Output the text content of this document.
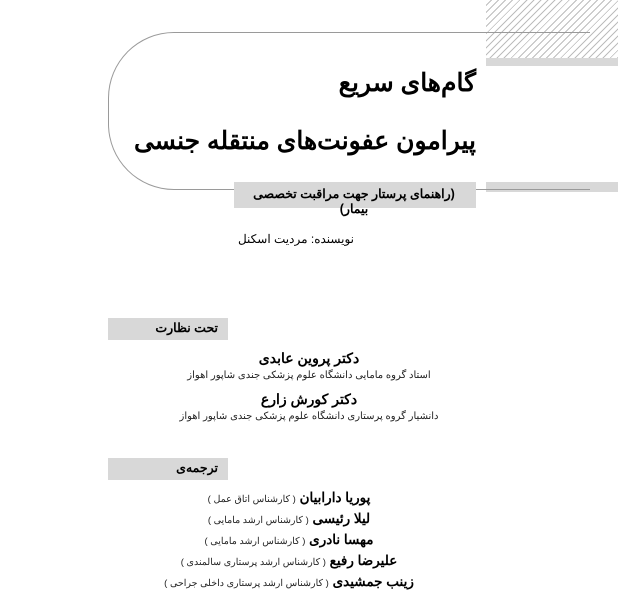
گام‌های سریع
پیرامون عفونت‌های منتقله جنسی
(راهنمای پرستار جهت مراقبت تخصصی بیمار)
نویسنده: مردیت اسکنل
تحت نظارت
دکتر پروین عابدی
استاد گروه مامایی دانشگاه علوم پزشکی جندی شاپور اهواز
دکتر کورش زارع
دانشیار گروه پرستاری دانشگاه علوم پزشکی جندی شاپور اهواز
ترجمه‌ی
پوریا دارابیان ( کارشناس اتاق عمل )
لیلا رئیسی ( کارشناس ارشد مامایی )
مهسا نادری ( کارشناس ارشد مامایی )
علیرضا رفیع ( کارشناس ارشد پرستاری سالمندی )
زینب جمشیدی ( کارشناس ارشد پرستاری داخلی جراحی )
